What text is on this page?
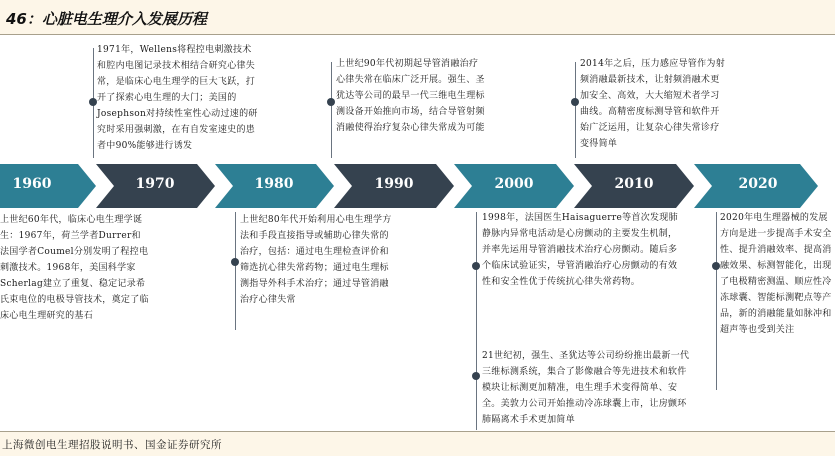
46：心脏电生理介入发展历程
1960	1970	1980	1990	2000	2010	2020
1971年，Wellens将程控电刺激技术和腔内电图记录技术相结合研究心律失常，是临床心电生理学的巨大飞跃，打开了探索心电生理的大门；美国的Josephson对持续性室性心动过速的研究时采用强刺激，在有自发室速史的患者中90%能够进行诱发
上世纪90年代初期起导管消融治疗心律失常在临床广泛开展。强生、圣犹达等公司的最早一代三维电生理标测设备开始推向市场，结合导管射频消融使得治疗复杂心律失常成为可能
2014年之后，压力感应导管作为射频消融最新技术，让射频消融术更加安全、高效，大大缩短术者学习曲线。高精密度标测导管和软件开始广泛运用，让复杂心律失常诊疗变得简单
上世纪60年代，临床心电生理学诞生：1967年，荷兰学者Durrer和法国学者Coumel分别发明了程控电刺激技术。1968年，美国科学家Scherlag建立了重复、稳定记录希氏束电位的电极导管技术，奠定了临床心电生理研究的基石
上世纪80年代开始利用心电生理学方法和手段直接指导或辅助心律失常的治疗，包括：通过电生理检查评价和筛选抗心律失常药物；通过电生理标测指导外科手术治疗；通过导管消融治疗心律失常
1998年，法国医生Haisaguerre等首次发现肺静脉内异常电活动是心房颤动的主要发生机制，并率先运用导管消融技术治疗心房颤动。随后多个临床试验证实，导管消融治疗心房颤动的有效性和安全性优于传统抗心律失常药物。
21世纪初，强生、圣犹达等公司纷纷推出最新一代三维标测系统，集合了影像融合等先进技术和软件模块让标测更加精准，电生理手术变得简单、安全。美敦力公司开始推动冷冻球囊上市，让房颤环肺隔离术手术更加简单
2020年电生理器械的发展方向是进一步提高手术安全性、提升消融效率、提高消融效果、标测智能化，出现了电极精密测温、顺应性冷冻球囊、智能标测靶点等产品，新的消融能量如脉冲和超声等也受到关注
上海微创电生理招股说明书、国金证券研究所
